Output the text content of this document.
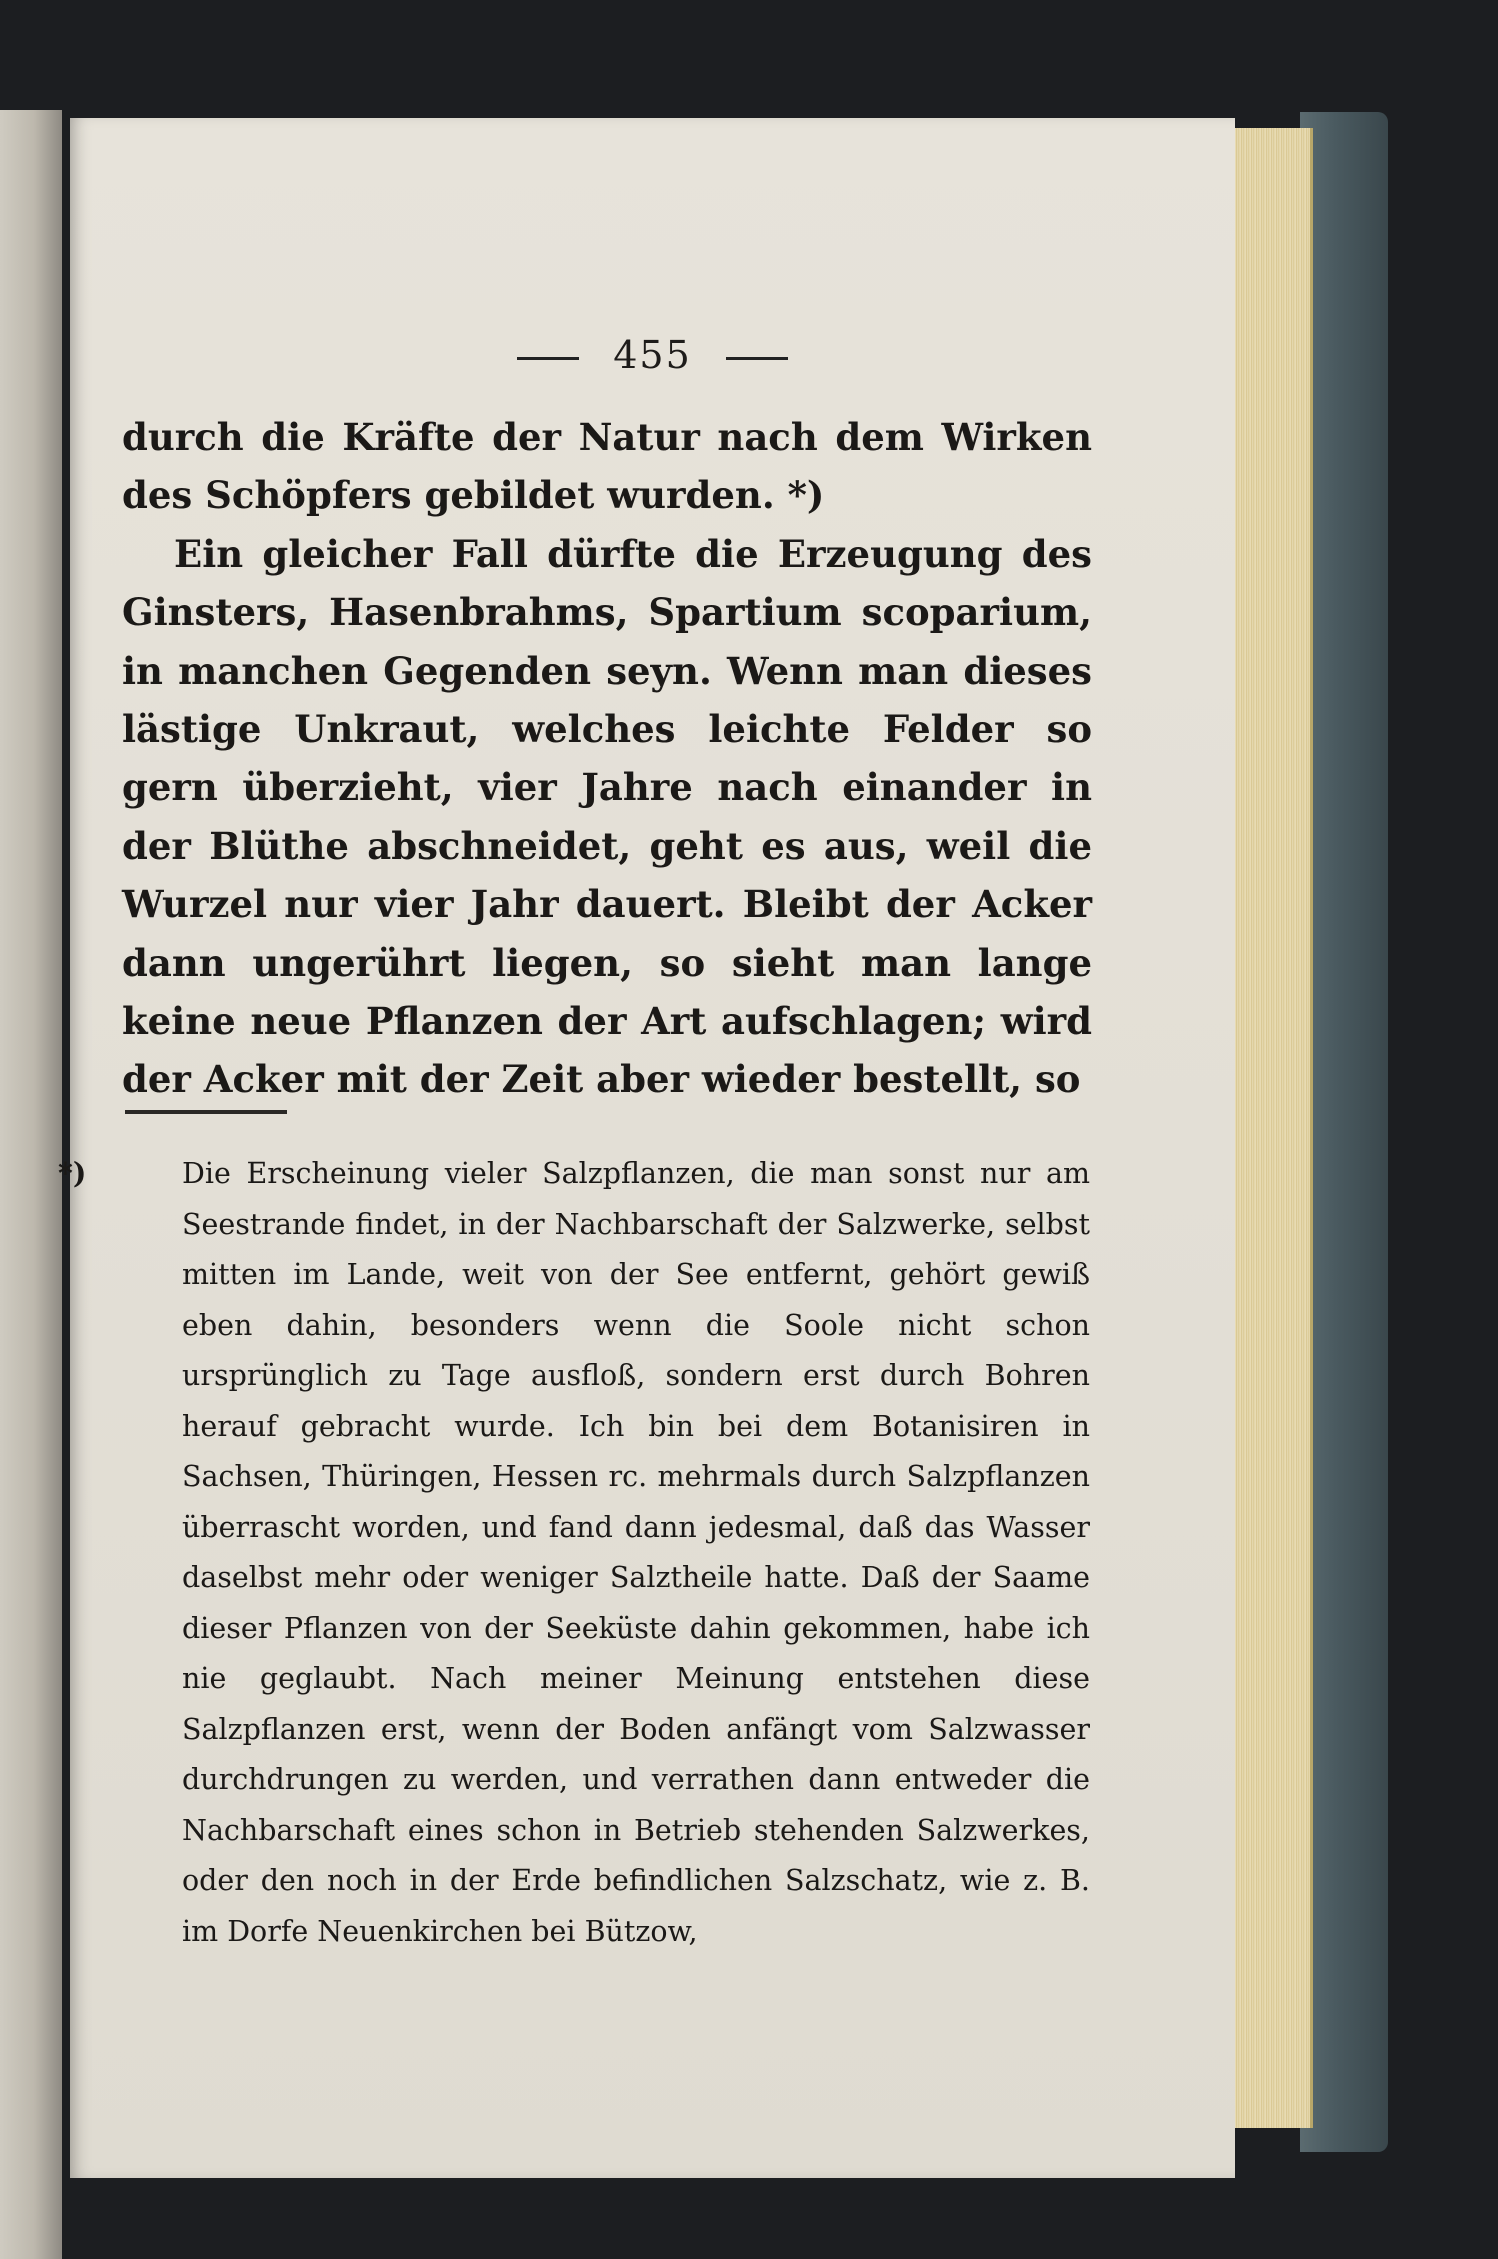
455

durch die Kräfte der Natur nach dem Wirken des Schöpfers gebildet wurden. *)

Ein gleicher Fall dürfte die Erzeugung des Ginsters, Hasenbrahms, Spartium scoparium, in manchen Gegenden seyn. Wenn man dieses lästige Unkraut, welches leichte Felder so gern überzieht, vier Jahre nach einander in der Blüthe abschneidet, geht es aus, weil die Wurzel nur vier Jahr dauert. Bleibt der Acker dann ungerührt liegen, so sieht man lange keine neue Pflanzen der Art aufschlagen; wird der Acker mit der Zeit aber wieder bestellt, so

*)	Die Erscheinung vieler Salzpflanzen, die man sonst nur am Seestrande findet, in der Nachbarschaft der Salzwerke, selbst mitten im Lande, weit von der See entfernt, gehört gewiß eben dahin, besonders wenn die Soole nicht schon ursprünglich zu Tage ausfloß, sondern erst durch Bohren herauf gebracht wurde. Ich bin bei dem Botanisiren in Sachsen, Thüringen, Hessen rc. mehrmals durch Salzpflanzen überrascht worden, und fand dann jedesmal, daß das Wasser daselbst mehr oder weniger Salztheile hatte. Daß der Saame dieser Pflanzen von der Seeküste dahin gekommen, habe ich nie geglaubt. Nach meiner Meinung entstehen diese Salzpflanzen erst, wenn der Boden anfängt vom Salzwasser durchdrungen zu werden, und verrathen dann entweder die Nachbarschaft eines schon in Betrieb stehenden Salzwerkes, oder den noch in der Erde befindlichen Salzschatz, wie z. B. im Dorfe Neuenkirchen bei Bützow,
